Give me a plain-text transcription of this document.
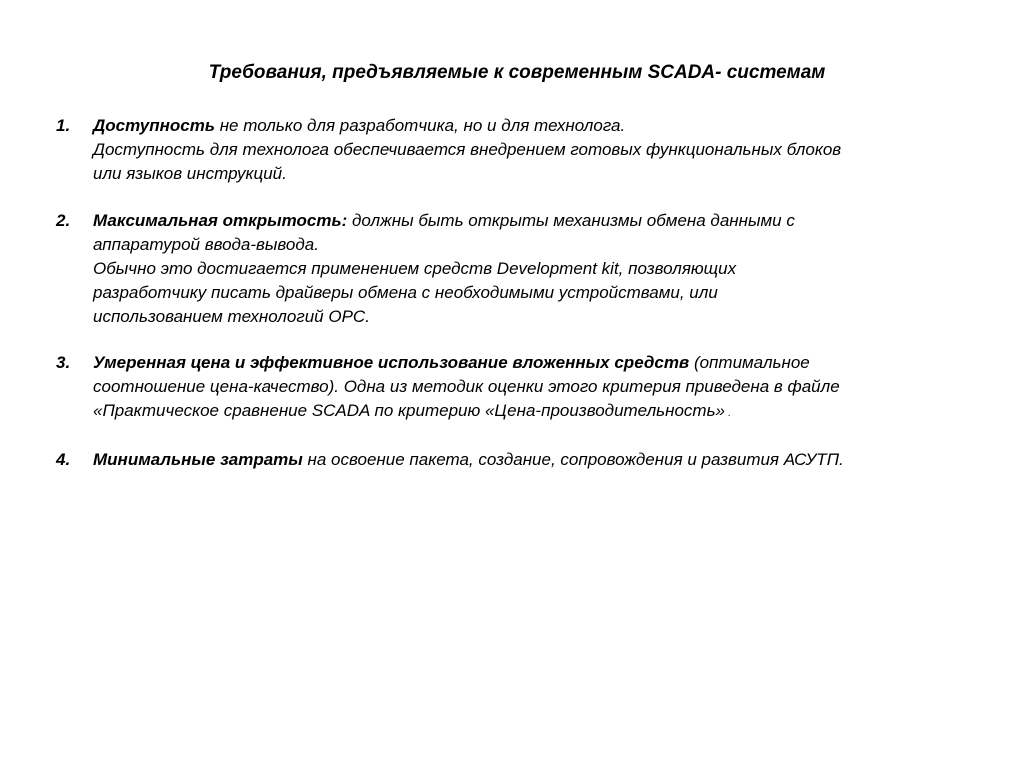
Требования, предъявляемые к современным SCADA- системам
1. Доступность не только для разработчика, но и для технолога.
Доступность для технолога обеспечивается внедрением готовых функциональных блоков
или языков инструкций.
2. Максимальная открытость: должны быть открыты механизмы обмена данными с
аппаратурой ввода-вывода.
Обычно это достигается применением средств Development kit, позволяющих
разработчику писать драйверы обмена с необходимыми устройствами, или
использованием технологий OPC.
3. Умеренная цена и эффективное использование вложенных средств (оптимальное
соотношение цена-качество). Одна из методик оценки этого критерия приведена в файле
«Практическое сравнение SCADA по критерию «Цена-производительность» .
4. Минимальные затраты на освоение пакета, создание, сопровождения и развития АСУТП.
